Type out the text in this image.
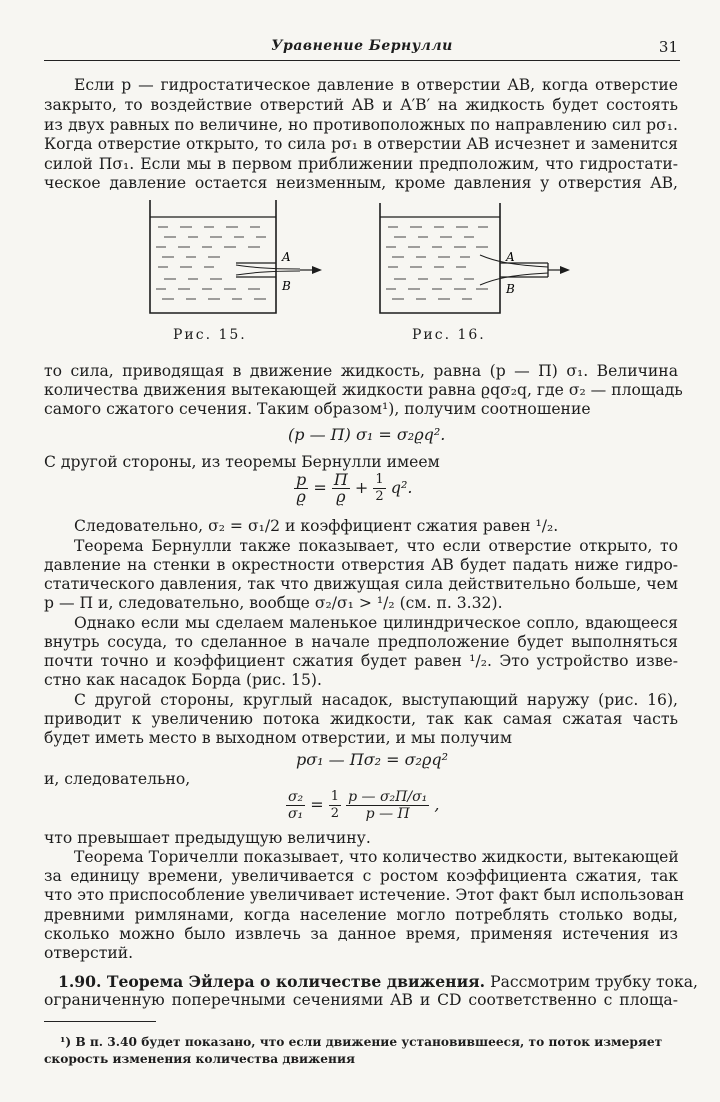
Уравнение Бернулли	31
Если p — гидростатическое давление в отверстии AB, когда отверстие
закрыто, то воздействие отверстий AB и A′B′ на жидкость будет состоять
из двух равных по величине, но противоположных по направлению сил pσ₁.
Когда отверстие открыто, то сила pσ₁ в отверстии AB исчезнет и заменится
силой Πσ₁. Если мы в первом приближении предположим, что гидростати-
ческое давление остается неизменным, кроме давления у отверстия AB,
A
B
Рис. 15.
A
B
Рис. 16.
то сила, приводящая в движение жидкость, равна (p — Π) σ₁. Величина
количества движения вытекающей жидкости равна ϱqσ₂q, где σ₂ — площадь
самого сжатого сечения. Таким образом¹), получим соотношение
(p — Π) σ₁ = σ₂ϱq².
С другой стороны, из теоремы Бернулли имеем
$\frac{p}{ϱ} = \frac{\Pi}{ϱ} + \frac{1}{2} q^2$.
Следовательно, σ₂ = σ₁/2 и коэффициент сжатия равен ¹/₂.
Теорема Бернулли также показывает, что если отверстие открыто, то
давление на стенки в окрестности отверстия AB будет падать ниже гидро-
статического давления, так что движущая сила действительно больше, чем
p — Π и, следовательно, вообще σ₂/σ₁ > ¹/₂ (см. п. 3.32).
Однако если мы сделаем маленькое цилиндрическое сопло, вдающееся
внутрь сосуда, то сделанное в начале предположение будет выполняться
почти точно и коэффициент сжатия будет равен ¹/₂. Это устройство изве-
стно как насадок Борда (рис. 15).
С другой стороны, круглый насадок, выступающий наружу (рис. 16),
приводит к увеличению потока жидкости, так как самая сжатая часть
будет иметь место в выходном отверстии, и мы получим
pσ₁ — Πσ₂ = σ₂ϱq²
и, следовательно,
$\frac{\text{σ₂}}{\text{σ₁}} = \frac{1}{2}$
$\frac{\text{p — σ₂Π/σ₁}}{p — \Pi}$ ,
что превышает предыдущую величину.
Теорема Торичелли показывает, что количество жидкости, вытекающей
за единицу времени, увеличивается с ростом коэффициента сжатия, так
что это приспособление увеличивает истечение. Этот факт был использован
древними римлянами, когда население могло потреблять столько воды,
сколько можно было извлечь за данное время, применяя истечения из
отверстий.
1.90. Теорема Эйлера о количестве движения. Рассмотрим трубку тока,
ограниченную поперечными сечениями AB и CD соответственно с площа-
¹) В п. 3.40 будет показано, что если движение установившееся, то поток измеряет
скорость изменения количества движения
